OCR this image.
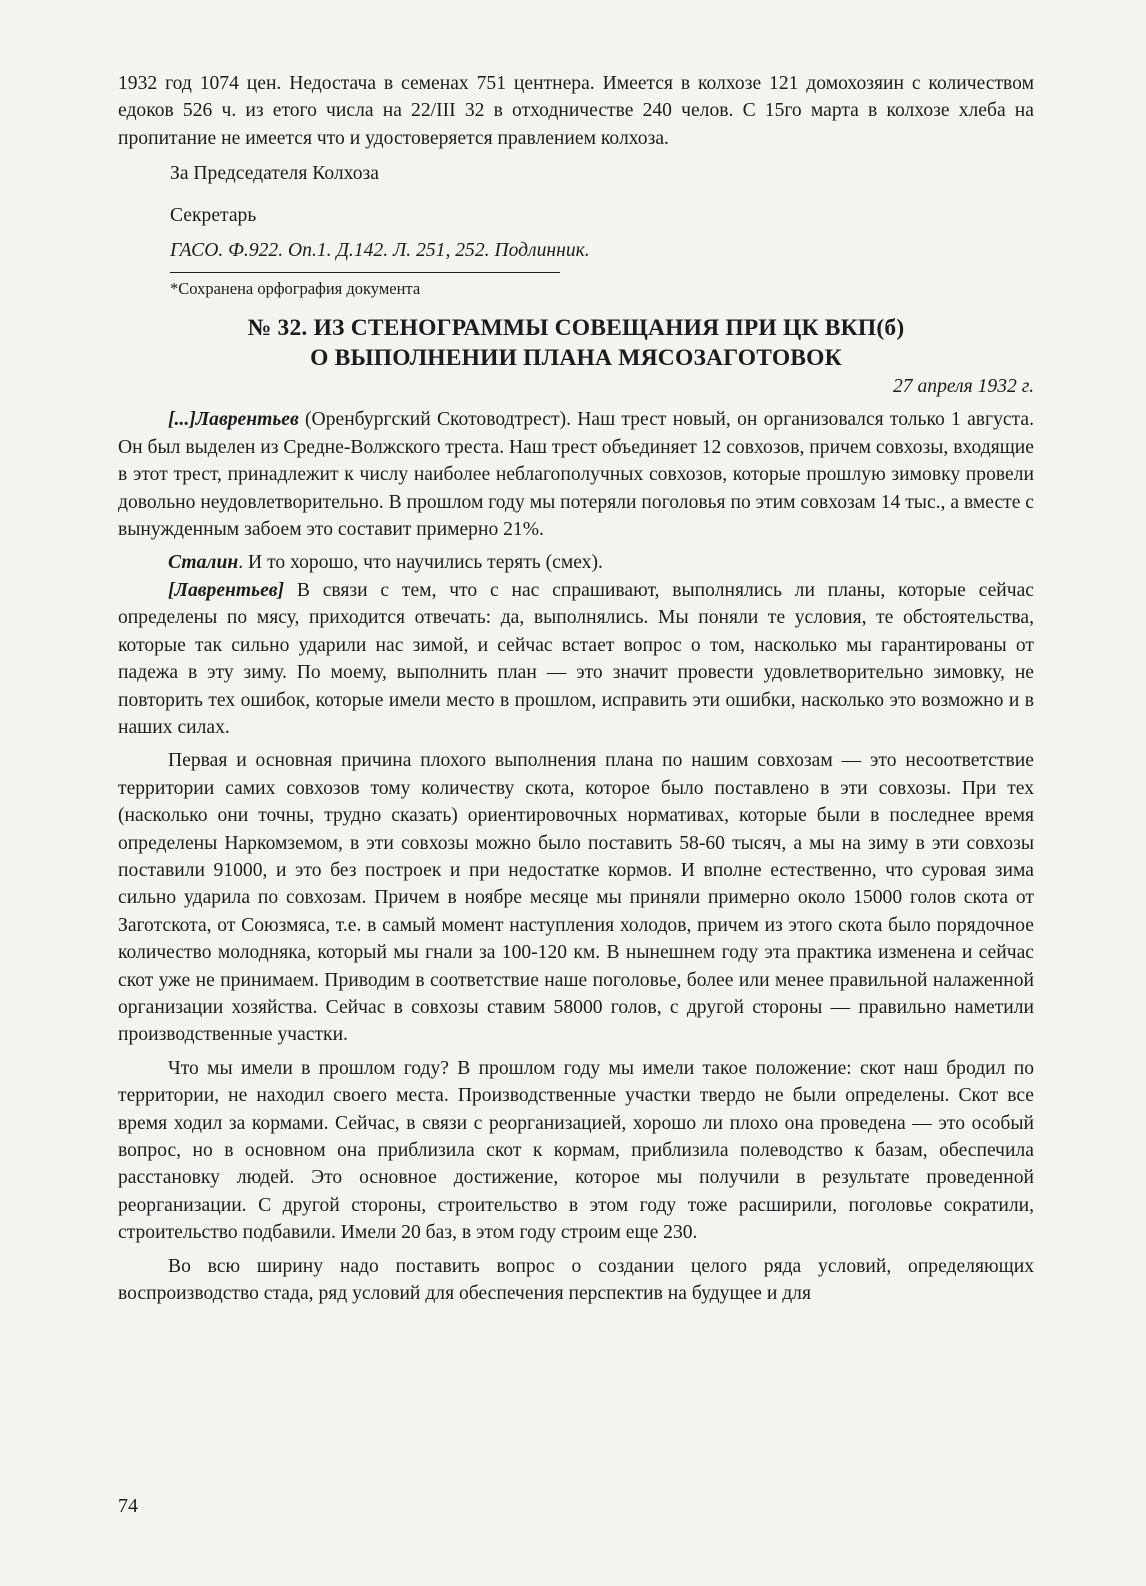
1932 год 1074 цен. Недостача в семенах 751 центнера. Имеется в колхозе 121 домохозяин с количеством едоков 526 ч. из етого числа на 22/III 32 в отходничестве 240 челов. С 15го марта в колхозе хлеба на пропитание не имеется что и удостоверяется правлением колхоза.

За Председателя Колхоза

Секретарь

ГАСО. Ф.922. Оп.1. Д.142. Л. 251, 252. Подлинник.

*Сохранена орфография документа

№ 32. ИЗ СТЕНОГРАММЫ СОВЕЩАНИЯ ПРИ ЦК ВКП(б)
О ВЫПОЛНЕНИИ ПЛАНА МЯСОЗАГОТОВОК
27 апреля 1932 г.

[...]Лаврентьев (Оренбургский Скотоводтрест). Наш трест новый, он организовался только 1 августа. Он был выделен из Средне-Волжского треста. Наш трест объединяет 12 совхозов, причем совхозы, входящие в этот трест, принадлежит к числу наиболее неблагополучных совхозов, которые прошлую зимовку провели довольно неудовлетворительно. В прошлом году мы потеряли поголовья по этим совхозам 14 тыс., а вместе с вынужденным забоем это составит примерно 21%.

Сталин. И то хорошо, что научились терять (смех).

[Лаврентьев] В связи с тем, что с нас спрашивают, выполнялись ли планы, которые сейчас определены по мясу, приходится отвечать: да, выполнялись. Мы поняли те условия, те обстоятельства, которые так сильно ударили нас зимой, и сейчас встает вопрос о том, насколько мы гарантированы от падежа в эту зиму. По моему, выполнить план — это значит провести удовлетворительно зимовку, не повторить тех ошибок, которые имели место в прошлом, исправить эти ошибки, насколько это возможно и в наших силах.

Первая и основная причина плохого выполнения плана по нашим совхозам — это несоответствие территории самих совхозов тому количеству скота, которое было поставлено в эти совхозы. При тех (насколько они точны, трудно сказать) ориентировочных нормативах, которые были в последнее время определены Наркомземом, в эти совхозы можно было поставить 58-60 тысяч, а мы на зиму в эти совхозы поставили 91000, и это без построек и при недостатке кормов. И вполне естественно, что суровая зима сильно ударила по совхозам. Причем в ноябре месяце мы приняли примерно около 15000 голов скота от Заготскота, от Союзмяса, т.е. в самый момент наступления холодов, причем из этого скота было порядочное количество молодняка, который мы гнали за 100-120 км. В нынешнем году эта практика изменена и сейчас скот уже не принимаем. Приводим в соответствие наше поголовье, более или менее правильной налаженной организации хозяйства. Сейчас в совхозы ставим 58000 голов, с другой стороны — правильно наметили производственные участки.

Что мы имели в прошлом году? В прошлом году мы имели такое положение: скот наш бродил по территории, не находил своего места. Производственные участки твердо не были определены. Скот все время ходил за кормами. Сейчас, в связи с реорганизацией, хорошо ли плохо она проведена — это особый вопрос, но в основном она приблизила скот к кормам, приблизила полеводство к базам, обеспечила расстановку людей. Это основное достижение, которое мы получили в результате проведенной реорганизации. С другой стороны, строительство в этом году тоже расширили, поголовье сократили, строительство подбавили. Имели 20 баз, в этом году строим еще 230.

Во всю ширину надо поставить вопрос о создании целого ряда условий, определяющих воспроизводство стада, ряд условий для обеспечения перспектив на будущее и для

74
